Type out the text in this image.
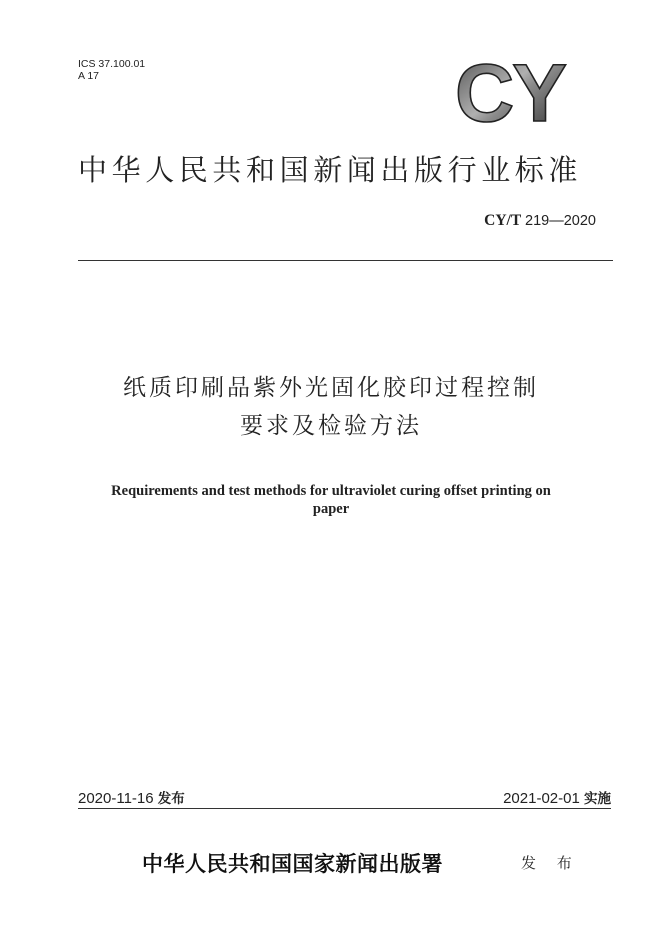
ICS 37.100.01
A 17	CY
中华人民共和国新闻出版行业标准
CY/T 219—2020
纸质印刷品紫外光固化胶印过程控制
要求及检验方法
Requirements and test methods for ultraviolet curing offset printing on
paper
2020-11-16 发布	2021-02-01 实施
中华人民共和国国家新闻出版署	发 布
